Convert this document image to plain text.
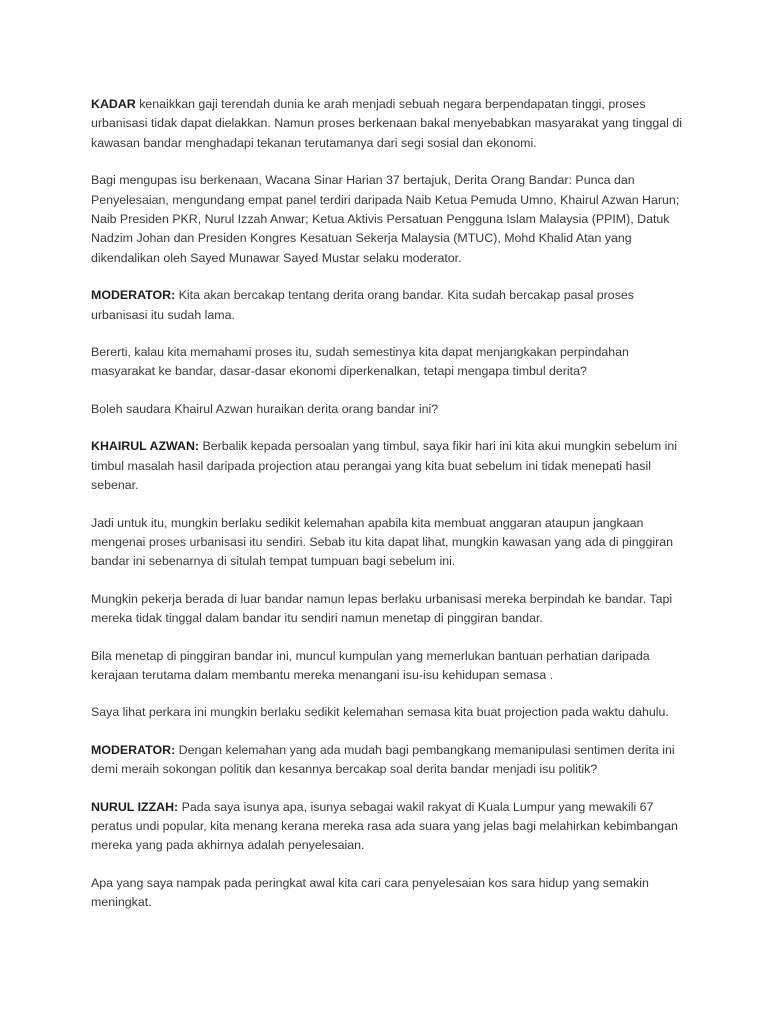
KADAR kenaikkan gaji terendah dunia ke arah menjadi sebuah negara berpendapatan tinggi, proses urbanisasi tidak dapat dielakkan. Namun proses berkenaan bakal menyebabkan masyarakat yang tinggal di kawasan bandar menghadapi tekanan terutamanya dari segi sosial dan ekonomi.

Bagi mengupas isu berkenaan, Wacana Sinar Harian 37 bertajuk, Derita Orang Bandar: Punca dan Penyelesaian, mengundang empat panel terdiri daripada Naib Ketua Pemuda Umno, Khairul Azwan Harun; Naib Presiden PKR, Nurul Izzah Anwar; Ketua Aktivis Persatuan Pengguna Islam Malaysia (PPIM), Datuk Nadzim Johan dan Presiden Kongres Kesatuan Sekerja Malaysia (MTUC), Mohd Khalid Atan yang dikendalikan oleh Sayed Munawar Sayed Mustar selaku moderator.

MODERATOR: Kita akan bercakap tentang derita orang bandar. Kita sudah bercakap pasal proses urbanisasi itu sudah lama.

Bererti, kalau kita memahami proses itu, sudah semestinya kita dapat menjangkakan perpindahan masyarakat ke bandar, dasar-dasar ekonomi diperkenalkan, tetapi mengapa timbul derita?

Boleh saudara Khairul Azwan huraikan derita orang bandar ini?

KHAIRUL AZWAN: Berbalik kepada persoalan yang timbul, saya fikir hari ini kita akui mungkin sebelum ini timbul masalah hasil daripada projection atau perangai yang kita buat sebelum ini tidak menepati hasil sebenar.

Jadi untuk itu, mungkin berlaku sedikit kelemahan apabila kita membuat anggaran ataupun jangkaan mengenai proses urbanisasi itu sendiri. Sebab itu kita dapat lihat, mungkin kawasan yang ada di pinggiran bandar ini sebenarnya di situlah tempat tumpuan bagi sebelum ini.

Mungkin pekerja berada di luar bandar namun lepas berlaku urbanisasi mereka berpindah ke bandar. Tapi mereka tidak tinggal dalam bandar itu sendiri namun menetap di pinggiran bandar.

Bila menetap di pinggiran bandar ini, muncul kumpulan yang memerlukan bantuan perhatian daripada kerajaan terutama dalam membantu mereka menangani isu-isu kehidupan semasa .

Saya lihat perkara ini mungkin berlaku sedikit kelemahan semasa kita buat projection pada waktu dahulu.

MODERATOR: Dengan kelemahan yang ada mudah bagi pembangkang memanipulasi sentimen derita ini demi meraih sokongan politik dan kesannya bercakap soal derita bandar menjadi isu politik?

NURUL IZZAH: Pada saya isunya apa, isunya sebagai wakil rakyat di Kuala Lumpur yang mewakili 67 peratus undi popular, kita menang kerana mereka rasa ada suara yang jelas bagi melahirkan kebimbangan mereka yang pada akhirnya adalah penyelesaian.

Apa yang saya nampak pada peringkat awal kita cari cara penyelesaian kos sara hidup yang semakin meningkat.
